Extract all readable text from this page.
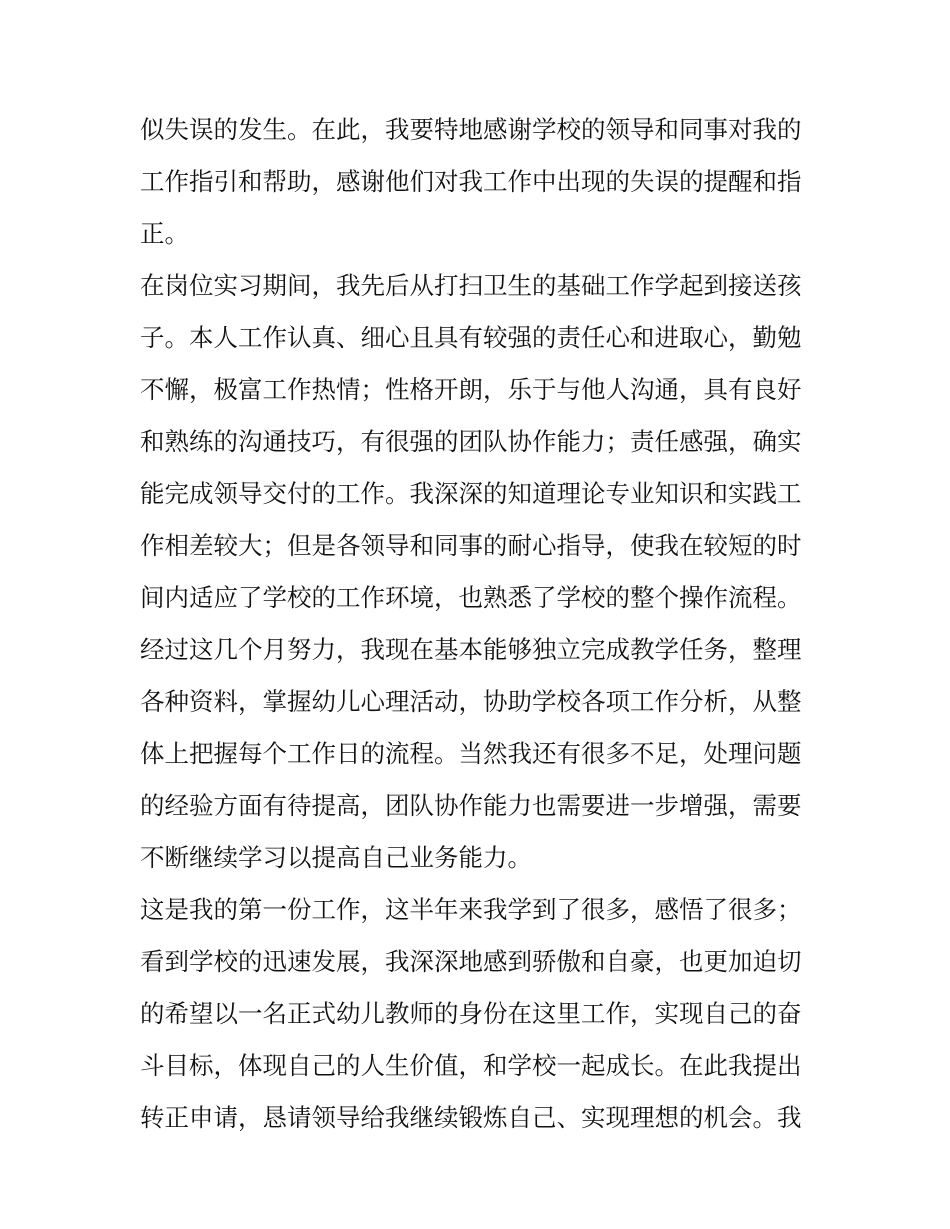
似失误的发生。在此，我要特地感谢学校的领导和同事对我的
工作指引和帮助，感谢他们对我工作中出现的失误的提醒和指
正。
在岗位实习期间，我先后从打扫卫生的基础工作学起到接送孩
子。本人工作认真、细心且具有较强的责任心和进取心，勤勉
不懈，极富工作热情；性格开朗，乐于与他人沟通，具有良好
和熟练的沟通技巧，有很强的团队协作能力；责任感强，确实
能完成领导交付的工作。我深深的知道理论专业知识和实践工
作相差较大；但是各领导和同事的耐心指导，使我在较短的时
间内适应了学校的工作环境，也熟悉了学校的整个操作流程。
经过这几个月努力，我现在基本能够独立完成教学任务，整理
各种资料，掌握幼儿心理活动，协助学校各项工作分析，从整
体上把握每个工作日的流程。当然我还有很多不足，处理问题
的经验方面有待提高，团队协作能力也需要进一步增强，需要
不断继续学习以提高自己业务能力。
这是我的第一份工作，这半年来我学到了很多，感悟了很多；
看到学校的迅速发展，我深深地感到骄傲和自豪，也更加迫切
的希望以一名正式幼儿教师的身份在这里工作，实现自己的奋
斗目标，体现自己的人生价值，和学校一起成长。在此我提出
转正申请，恳请领导给我继续锻炼自己、实现理想的机会。我
